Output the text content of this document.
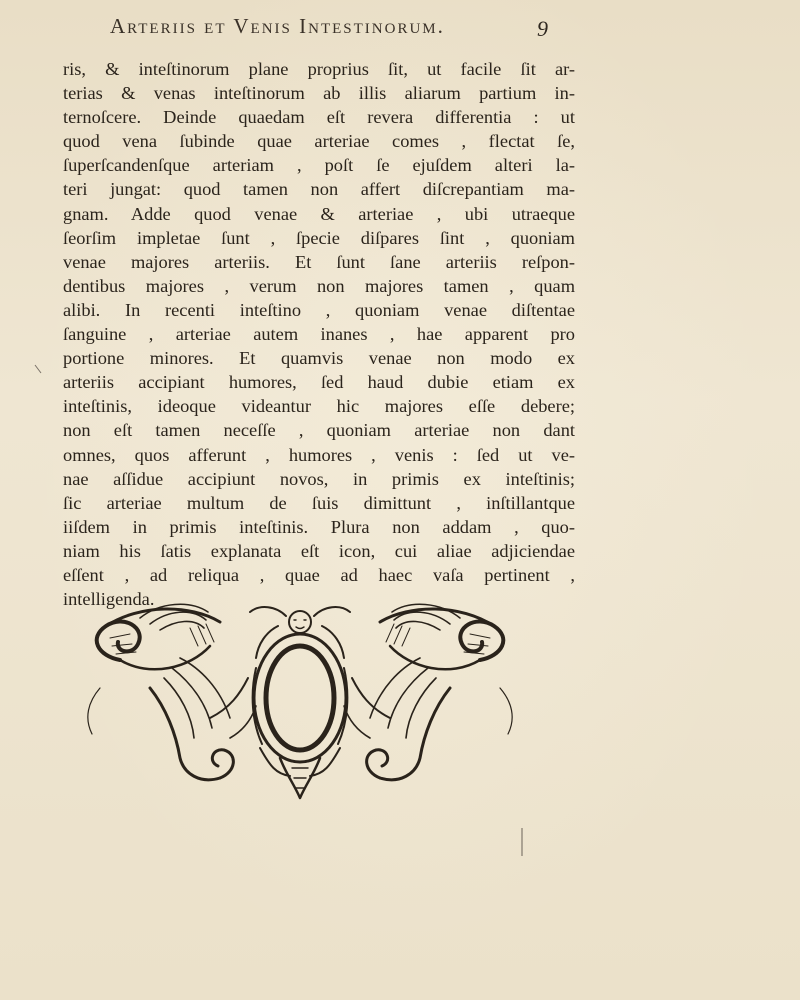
Arteriis et Venis Intestinorum.	9
ris, & inteſtinorum plane proprius ſit, ut facile ſit ar-
terias & venas inteſtinorum ab illis aliarum partium in-
ternoſcere. Deinde quaedam eſt revera differentia : ut
quod vena ſubinde quae arteriae comes , flectat ſe,
ſuperſcandenſque arteriam , poſt ſe ejuſdem alteri la-
teri jungat: quod tamen non affert diſcrepantiam ma-
gnam. Adde quod venae & arteriae , ubi utraeque
ſeorſim impletae ſunt , ſpecie diſpares ſint , quoniam
venae majores arteriis. Et ſunt ſane arteriis reſpon-
dentibus majores , verum non majores tamen , quam
alibi. In recenti inteſtino , quoniam venae diſtentae
ſanguine , arteriae autem inanes , hae apparent pro
portione minores. Et quamvis venae non modo ex
arteriis accipiant humores, ſed haud dubie etiam ex
inteſtinis, ideoque videantur hic majores eſſe debere;
non eſt tamen neceſſe , quoniam arteriae non dant
omnes, quos afferunt , humores , venis : ſed ut ve-
nae aſſidue accipiunt novos, in primis ex inteſtinis;
ſic arteriae multum de ſuis dimittunt , inſtillantque
iiſdem in primis inteſtinis. Plura non addam , quo-
niam his ſatis explanata eſt icon, cui aliae adjiciendae
eſſent , ad reliqua , quae ad haec vaſa pertinent ,
intelligenda.
